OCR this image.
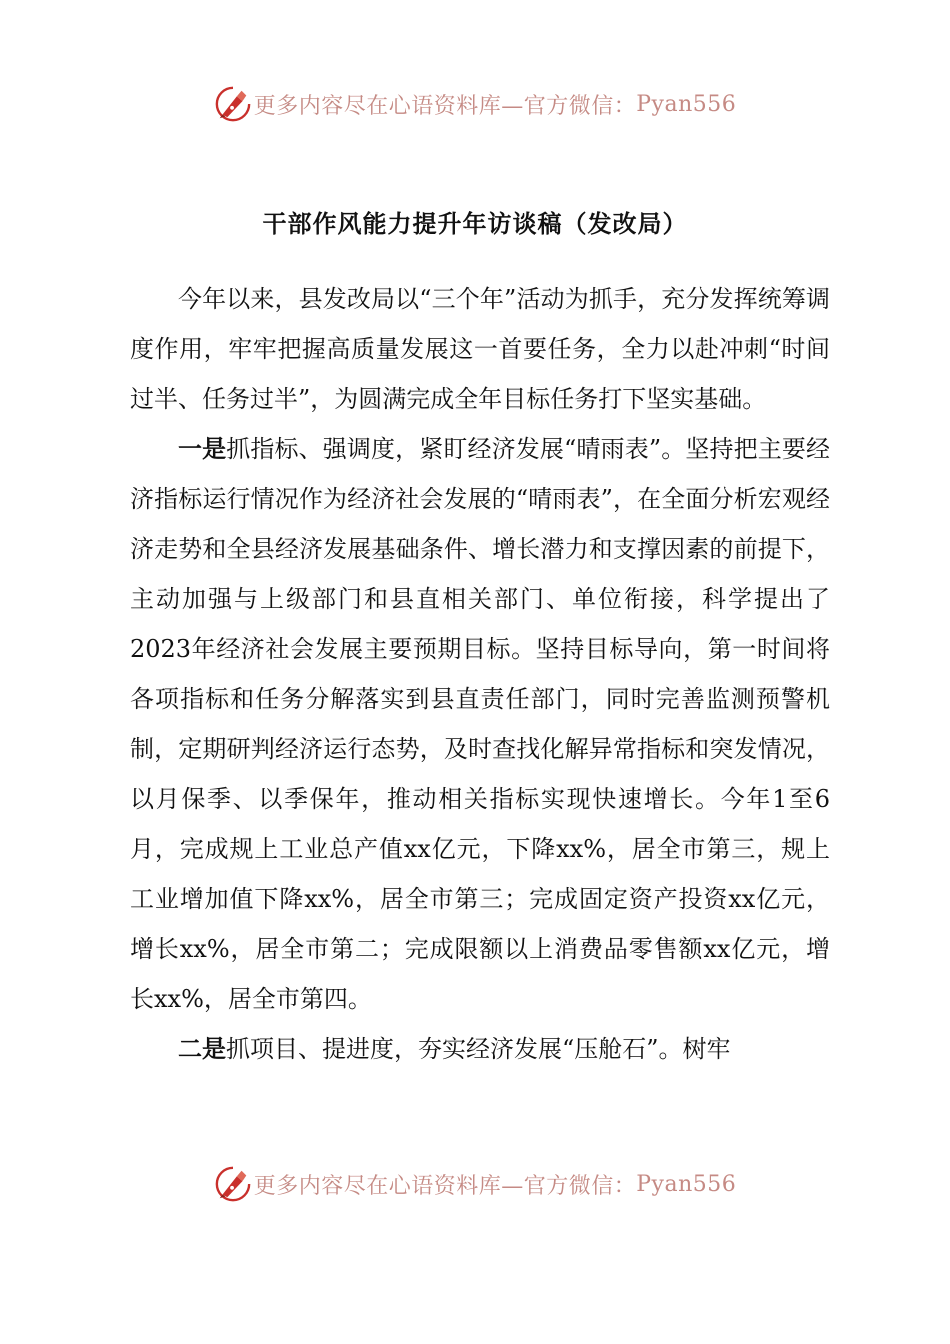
更多内容尽在心语资料库—官方微信： Pyan556
干部作风能力提升年访谈稿（发改局）

今年以来，县发改局以“三个年”活动为抓手，充分发挥统筹调度作用，牢牢把握高质量发展这一首要任务，全力以赴冲刺“时间过半、任务过半”，为圆满完成全年目标任务打下坚实基础。

一是抓指标、强调度，紧盯经济发展“晴雨表”。坚持把主要经济指标运行情况作为经济社会发展的“晴雨表”，在全面分析宏观经济走势和全县经济发展基础条件、增长潜力和支撑因素的前提下，主动加强与上级部门和县直相关部门、单位衔接，科学提出了2023年经济社会发展主要预期目标。坚持目标导向，第一时间将各项指标和任务分解落实到县直责任部门，同时完善监测预警机制，定期研判经济运行态势，及时查找化解异常指标和突发情况，以月保季、以季保年，推动相关指标实现快速增长。今年1至6月，完成规上工业总产值xx亿元，下降xx%，居全市第三，规上工业增加值下降xx%，居全市第三；完成固定资产投资xx亿元，增长xx%，居全市第二；完成限额以上消费品零售额xx亿元，增长xx%，居全市第四。

二是抓项目、提进度，夯实经济发展“压舱石”。树牢

更多内容尽在心语资料库—官方微信： Pyan556
